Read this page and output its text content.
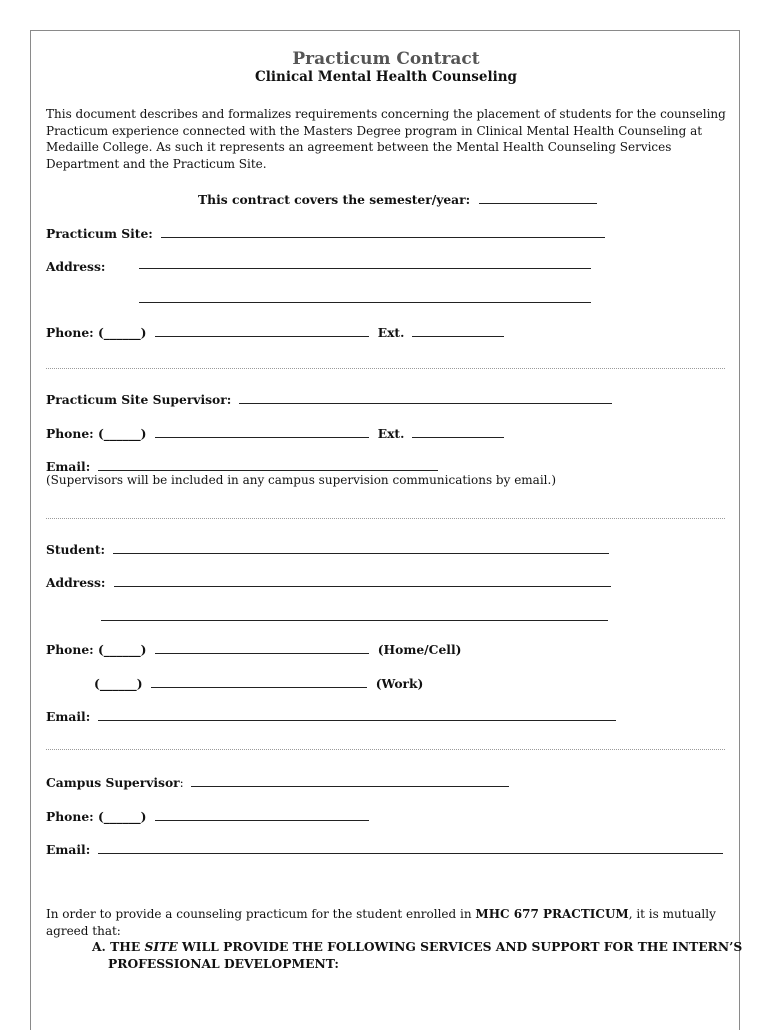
Practicum Contract
Clinical Mental Health Counseling
This document describes and formalizes requirements concerning the placement of students for the counseling Practicum experience connected with the Masters Degree program in Clinical Mental Health Counseling at Medaille College. As such it represents an agreement between the Mental Health Counseling Services Department and the Practicum Site.
This contract covers the semester/year:
Practicum Site:
Address:
Phone: (______)	Ext.
Practicum Site Supervisor:
Phone: (______)	Ext.
Email:
(Supervisors will be included in any campus supervision communications by email.)
Student:
Address:
Phone: (______)	(Home/Cell)
(______)	(Work)
Email:
Campus Supervisor:
Phone: (______)
Email:
In order to provide a counseling practicum for the student enrolled in MHC 677 PRACTICUM, it is mutually agreed that:
A. THE SITE WILL PROVIDE THE FOLLOWING SERVICES AND SUPPORT FOR THE INTERN’S
PROFESSIONAL DEVELOPMENT:
